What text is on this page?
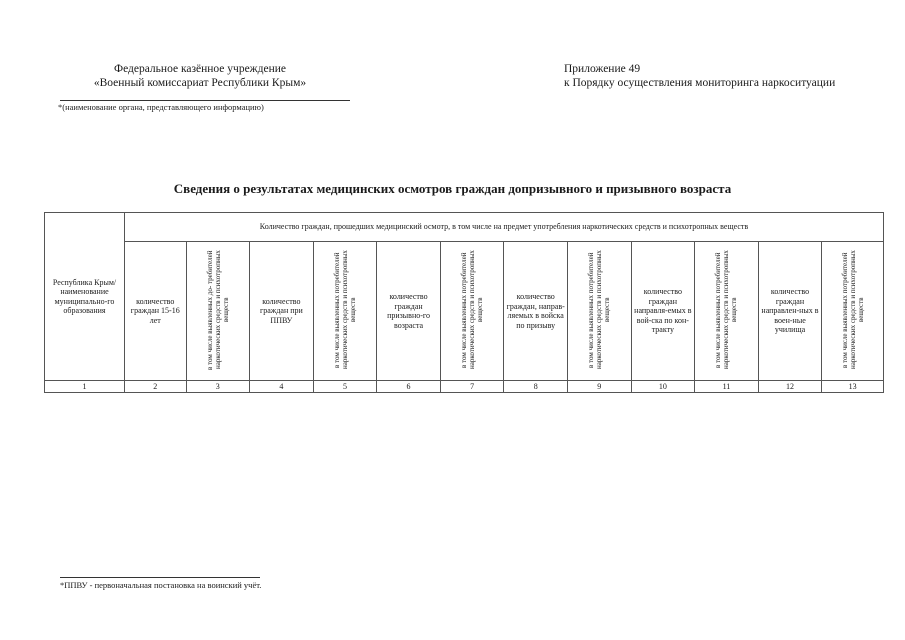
Федеральное казённое учреждение
«Военный комиссариат Республики Крым»
*(наименование органа, представляющего информацию)
Приложение 49
к Порядку осуществления мониторинга наркоситуации
Сведения о результатах медицинских осмотров граждан допризывного и призывного возраста
Республика Крым/ наименование муниципально-го образования	Количество граждан, прошедших медицинский осмотр, в том числе на предмет употребления наркотических средств и психотропных веществ											
	количество граждан 15-16 лет	в том числе выявленных до- требителей наркотических средств и психотропных веществ	количество граждан при ППВУ	в том числе выявленных потребителей наркотических средств и психотропных веществ	количество граждан призывно-го возраста	в том числе выявленных потребителей наркотических средств и психотропных веществ	количество граждан, направ-ляемых в войска по призыву	в том числе выявленных потребителей наркотических средств и психотропных веществ	количество граждан направля-емых в вой-ска по кон-тракту	в том числе выявленных потребителей наркотических средств и психотропных веществ	количество граждан направлен-ных в воен-ные училища	в том числе выявленных потребителей наркотических средств и психотропных веществ
1	2	3	4	5	6	7	8	9	10	11	12	13
*ППВУ - первоначальная постановка на воинский учёт.
